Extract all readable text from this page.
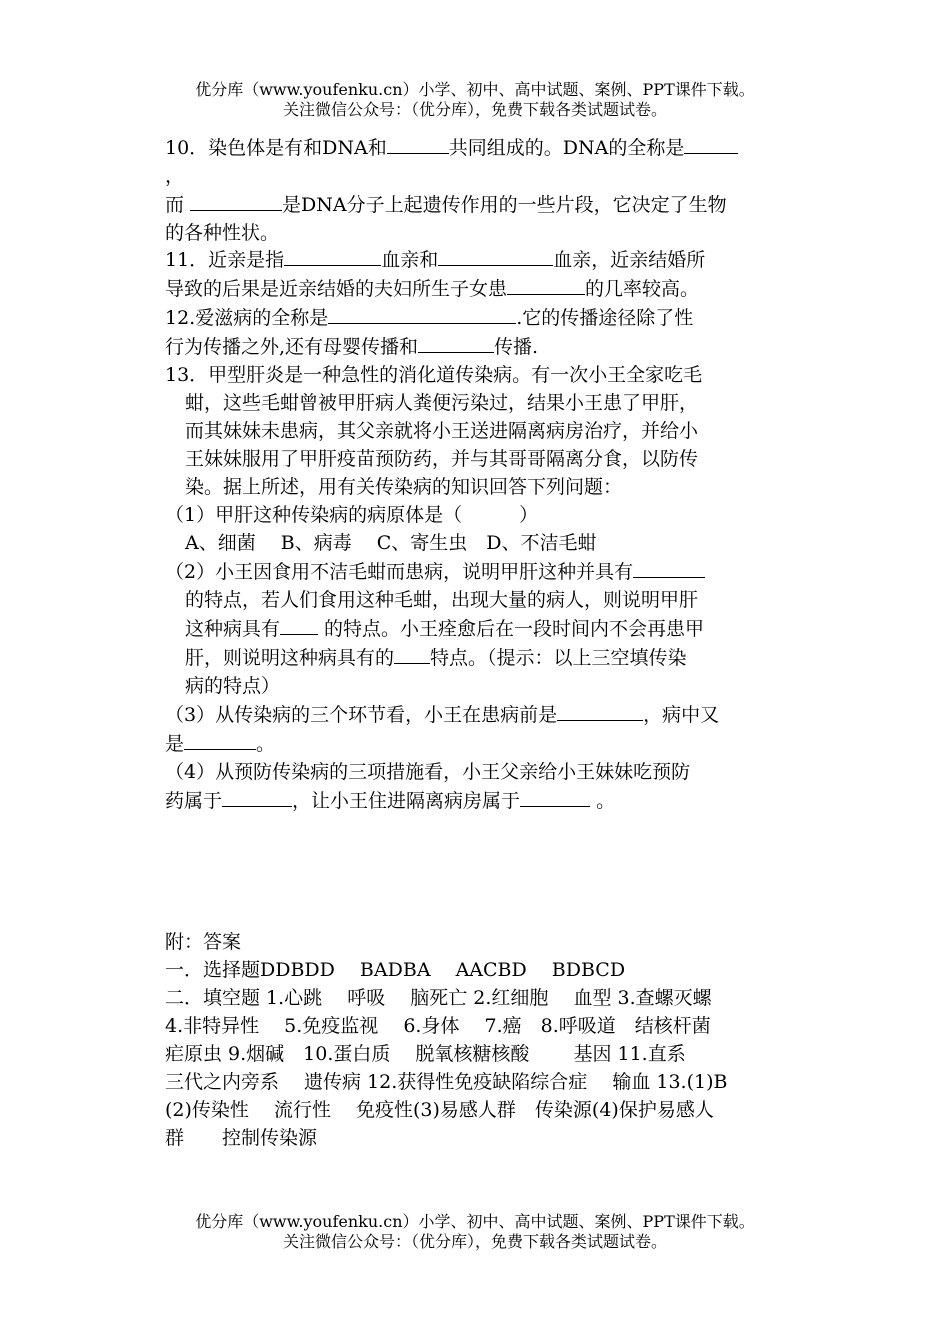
优分库（www.youfenku.cn）小学、初中、高中试题、案例、PPT课件下载。
关注微信公众号：（优分库），免费下载各类试题试卷。

10．染色体是有和DNA和	共同组成的。DNA的全称是

，

而	是DNA分子上起遗传作用的一些片段，它决定了生物

的各种性状。

11．近亲是指	血亲和	血亲，近亲结婚所

导致的后果是近亲结婚的夫妇所生子女患	的几率较高。

12.爱滋病的全称是	.它的传播途径除了性

行为传播之外,还有母婴传播和	传播.

13．甲型肝炎是一种急性的消化道传染病。有一次小王全家吃毛

蚶，这些毛蚶曾被甲肝病人粪便污染过，结果小王患了甲肝，

而其妹妹未患病，其父亲就将小王送进隔离病房治疗，并给小

王妹妹服用了甲肝疫苗预防药，并与其哥哥隔离分食，以防传

染。据上所述，用有关传染病的知识回答下列问题：

（1）甲肝这种传染病的病原体是（　　　）

A、细菌　 B、病毒　 C、寄生虫　D、不洁毛蚶

（2）小王因食用不洁毛蚶而患病，说明甲肝这种并具有

的特点，若人们食用这种毛蚶，出现大量的病人，则说明甲肝

这种病具有 的特点。小王痊愈后在一段时间内不会再患甲

肝，则说明这种病具有的 特点。（提示：以上三空填传染

病的特点）

（3）从传染病的三个环节看，小王在患病前是	，病中又

是	。

（4）从预防传染病的三项措施看，小王父亲给小王妹妹吃预防

药属于	，让小王住进隔离病房属于	。

附：答案

一．选择题DDBDD　 BADBA　 AACBD　 BDBCD

二．填空题 1.心跳　 呼吸　 脑死亡 2.红细胞　 血型 3.查螺灭螺

4.非特异性　 5.免疫监视　 6.身体　 7.癌　8.呼吸道　结核杆菌

疟原虫 9.烟碱　10.蛋白质　 脱氧核糖核酸　　 基因 11.直系

三代之内旁系　 遗传病 12.获得性免疫缺陷综合症　 输血 13.(1)B

(2)传染性　 流行性　 免疫性(3)易感人群　传染源(4)保护易感人

群　　控制传染源

优分库（www.youfenku.cn）小学、初中、高中试题、案例、PPT课件下载。
关注微信公众号：（优分库），免费下载各类试题试卷。
